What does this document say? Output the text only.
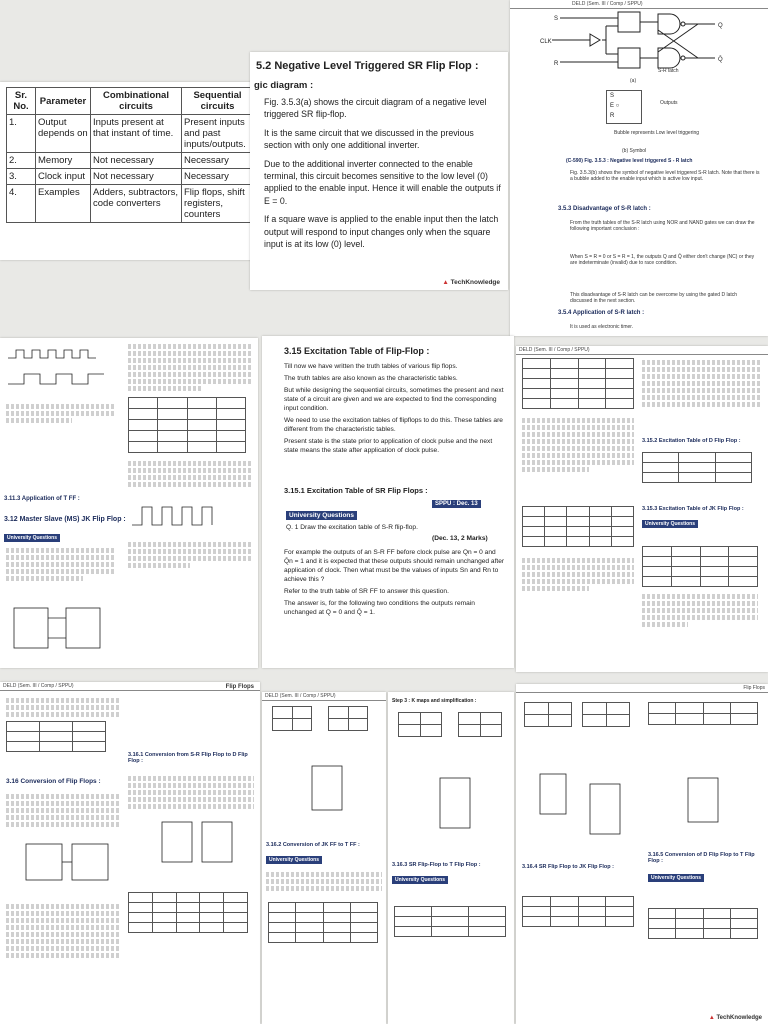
Sr. No.	Parameter	Combinational circuits	Sequential circuits
1.	Output depends on	Inputs present at that instant of time.	Present inputs and past inputs/outputs.
2.	Memory	Not necessary	Necessary
3.	Clock input	Not necessary	Necessary
4.	Examples	Adders, subtractors, code converters	Flip flops, shift registers, counters
5.2 Negative Level Triggered SR Flip Flop :
gic diagram :

Fig. 3.5.3(a) shows the circuit diagram of a negative level triggered SR flip-flop.

It is the same circuit that we discussed in the previous section with only one additional inverter.

Due to the additional inverter connected to the enable terminal, this circuit becomes sensitive to the low level (0) applied to the enable input. Hence it will enable the outputs if E = 0.

If a square wave is applied to the enable input then the latch output will respond to input changes only when the square input is at its low (0) level.

▲ TechKnowledge
DELD (Sem. III / Comp / SPPU)
S
CLK
R
Q
Q̄
S-R latch
(a)
S
E ○
R
Outputs
Bubble represents Low level triggering
(b) Symbol
(C-590) Fig. 3.5.3 : Negative level triggered S - R latch
Fig. 3.5.3(b) shows the symbol of negative level triggered S-R latch. Note that there is a bubble added to the enable input which is active low input.
3.5.3 Disadvantage of S-R latch :
From the truth tables of the S-R latch using NOR and NAND gates we can draw the following important conclusion :
When S = R = 0 or S = R = 1, the outputs Q and Q̄ either don't change (NC) or they are indeterminate (invalid) due to race condition.
This disadvantage of S-R latch can be overcome by using the gated D latch discussed in the next section.
3.5.4 Application of S-R latch :
It is used as electronic timer.
3.11.3 Application of T FF :
3.12 Master Slave (MS) JK Flip Flop :
University Questions

3.15 Excitation Table of Flip-Flop :

Till now we have written the truth tables of various flip flops.

The truth tables are also known as the characteristic tables.

But while designing the sequential circuits, sometimes the present and next state of a circuit are given and we are expected to find the corresponding input condition.

We need to use the excitation tables of flipflops to do this. These tables are different from the characteristic tables.

Present state is the state prior to application of clock pulse and the next state means the state after application of clock pulse.

3.15.1 Excitation Table of SR Flip Flops :
SPPU : Dec. 13
University Questions
Q. 1 Draw the excitation table of S-R flip-flop.
(Dec. 13, 2 Marks)

For example the outputs of an S-R FF before clock pulse are Qn = 0 and Q̄n = 1 and it is expected that these outputs should remain unchanged after application of clock. Then what must be the values of inputs Sn and Rn to achieve this ?

Refer to the truth table of SR FF to answer this question.

The answer is, for the following two conditions the outputs remain unchanged at Q = 0 and Q̄ = 1.

DELD (Sem. III / Comp / SPPU)

3.15.2 Excitation Table of D Flip Flop :

3.15.3 Excitation Table of JK Flip Flop :
University Questions

DELD (Sem. III / Comp / SPPU)

3.16 Conversion of Flip Flops :
3.16.1 Conversion from S-R Flip Flop to D Flip Flop :

Flip Flops
DELD (Sem. III / Comp / SPPU)

3.16.2 Conversion of JK FF to T FF :
University Questions

Step 3 : K maps and simplification :

3.16.3 SR Flip-Flop to T Flip Flop :
University Questions

Flip Flops

3.16.4 SR Flip Flop to JK Flip Flop :

3.16.5 Conversion of D Flip Flop to T Flip Flop :
University Questions

▲ TechKnowledge
